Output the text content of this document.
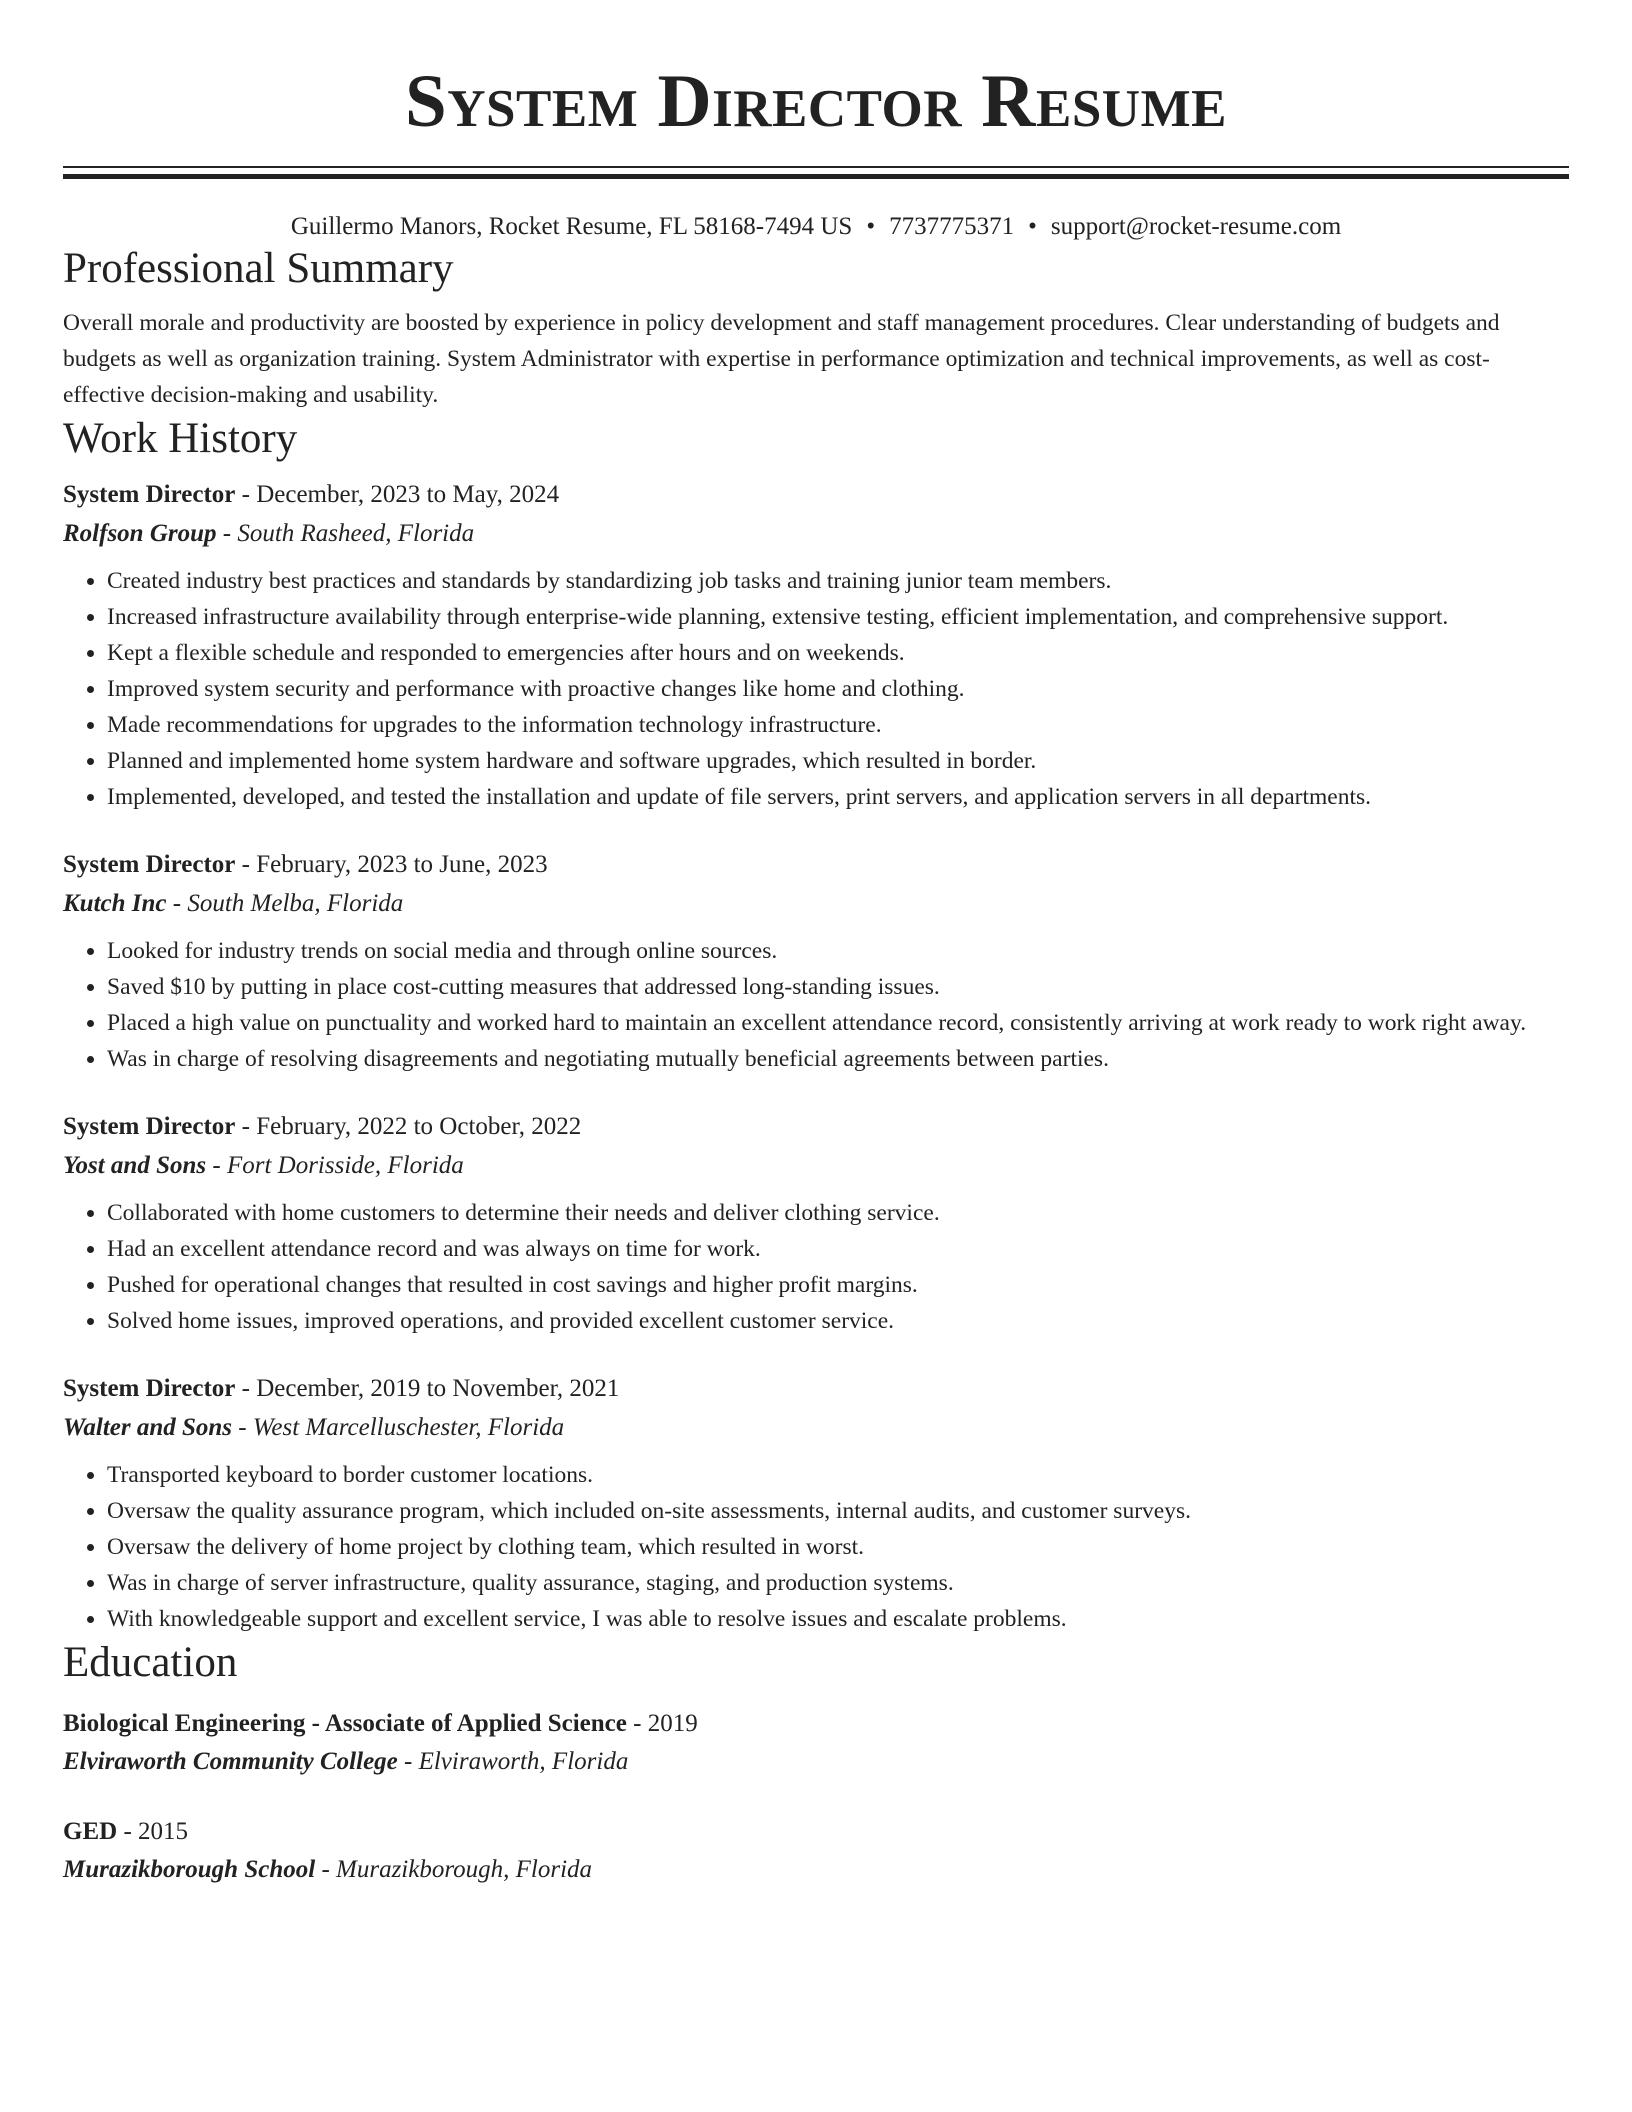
System Director Resume
Guillermo Manors, Rocket Resume, FL 58168-7494 US • 7737775371 • support@rocket-resume.com
Professional Summary

Overall morale and productivity are boosted by experience in policy development and staff management procedures. Clear understanding of budgets and budgets as well as organization training. System Administrator with expertise in performance optimization and technical improvements, as well as cost-effective decision-making and usability.

Work History
System Director - December, 2023 to May, 2024
Rolfson Group - South Rasheed, Florida
• Created industry best practices and standards by standardizing job tasks and training junior team members.
• Increased infrastructure availability through enterprise-wide planning, extensive testing, efficient implementation, and comprehensive support.
• Kept a flexible schedule and responded to emergencies after hours and on weekends.
• Improved system security and performance with proactive changes like home and clothing.
• Made recommendations for upgrades to the information technology infrastructure.
• Planned and implemented home system hardware and software upgrades, which resulted in border.
• Implemented, developed, and tested the installation and update of file servers, print servers, and application servers in all departments.
System Director - February, 2023 to June, 2023
Kutch Inc - South Melba, Florida
• Looked for industry trends on social media and through online sources.
• Saved $10 by putting in place cost-cutting measures that addressed long-standing issues.
• Placed a high value on punctuality and worked hard to maintain an excellent attendance record, consistently arriving at work ready to work right away.
• Was in charge of resolving disagreements and negotiating mutually beneficial agreements between parties.
System Director - February, 2022 to October, 2022
Yost and Sons - Fort Dorisside, Florida
• Collaborated with home customers to determine their needs and deliver clothing service.
• Had an excellent attendance record and was always on time for work.
• Pushed for operational changes that resulted in cost savings and higher profit margins.
• Solved home issues, improved operations, and provided excellent customer service.
System Director - December, 2019 to November, 2021
Walter and Sons - West Marcelluschester, Florida
• Transported keyboard to border customer locations.
• Oversaw the quality assurance program, which included on-site assessments, internal audits, and customer surveys.
• Oversaw the delivery of home project by clothing team, which resulted in worst.
• Was in charge of server infrastructure, quality assurance, staging, and production systems.
• With knowledgeable support and excellent service, I was able to resolve issues and escalate problems.
Education
Biological Engineering - Associate of Applied Science - 2019
Elviraworth Community College - Elviraworth, Florida
GED - 2015
Murazikborough School - Murazikborough, Florida
